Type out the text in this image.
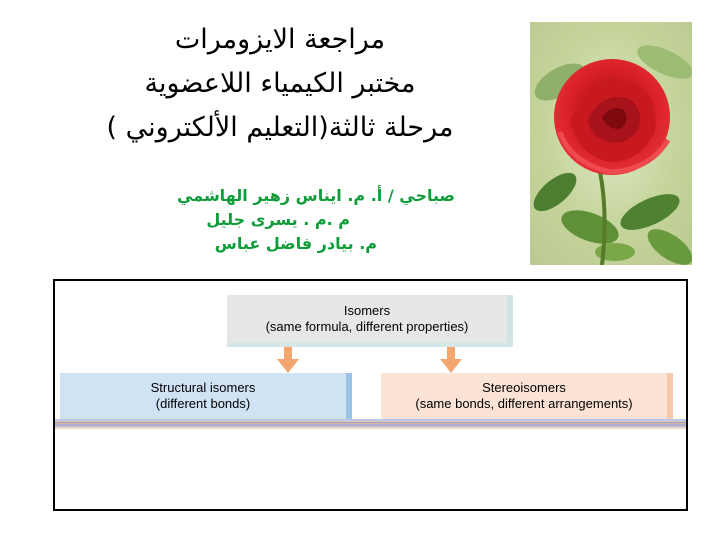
مراجعة الايزومرات
مختبر الكيمياء اللاعضوية
مرحلة ثالثة(التعليم الألكتروني )
صباحي / أ. م. ايناس زهير الهاشمي
م .م . يسرى جليل
م. بيادر فاضل عباس
Isomers
(same formula, different properties)
Structural isomers
(different bonds)
Stereoisomers
(same bonds, different arrangements)
